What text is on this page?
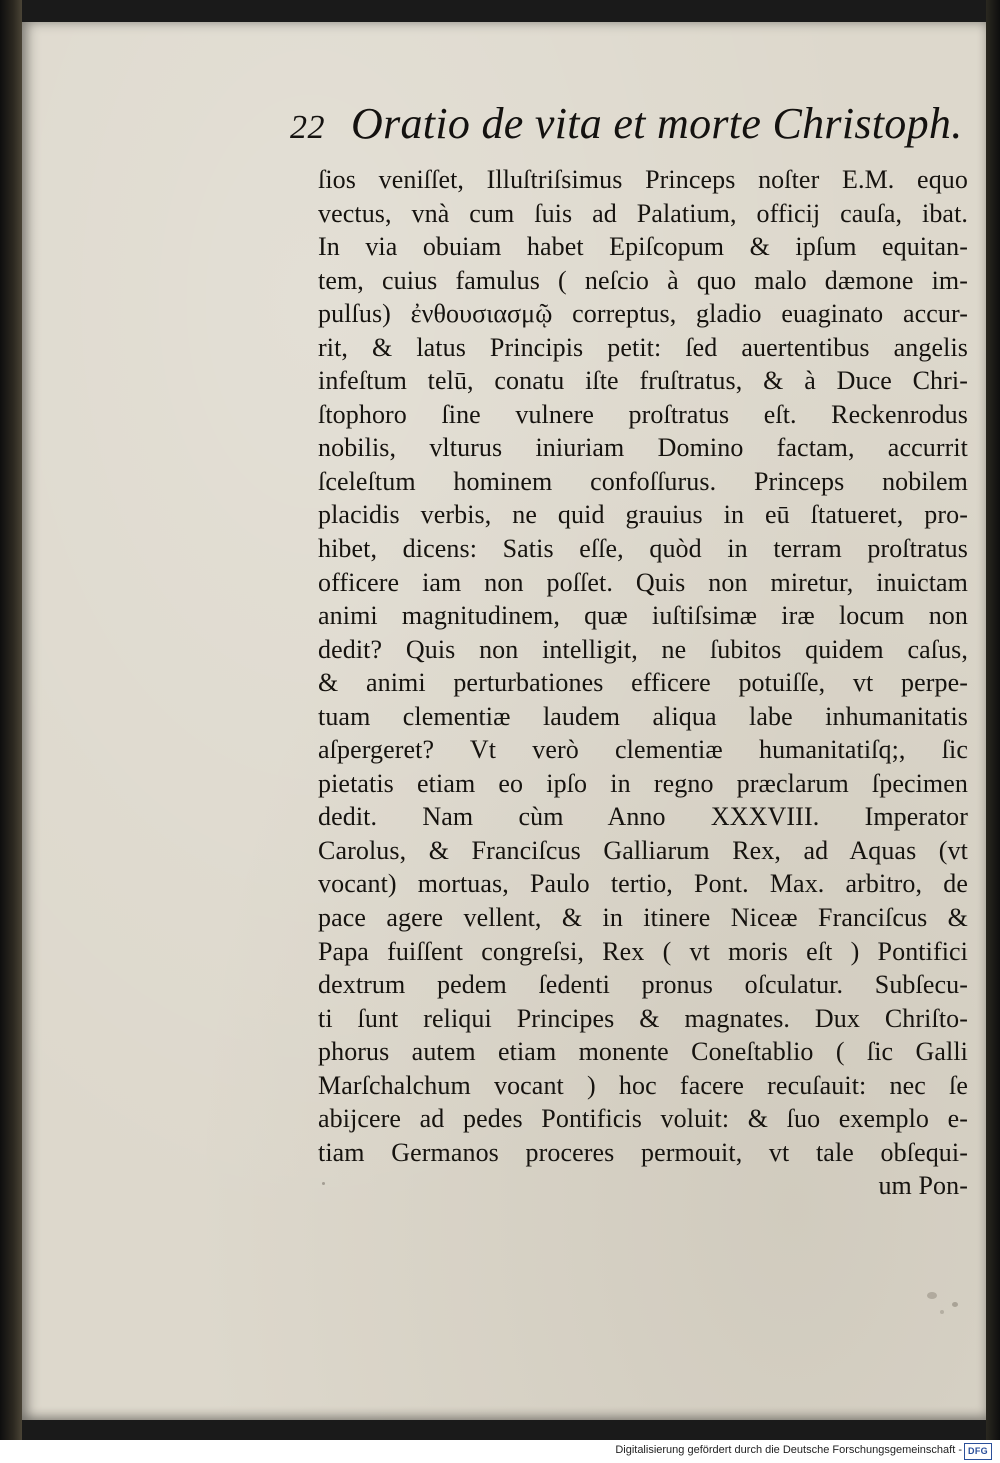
22 Oratio de vita et morte Christoph.
ſios veniſſet, Illuſtriſsimus Princeps noſter E.M. equo
vectus, vnà cum ſuis ad Palatium, officij cauſa, ibat.
In via obuiam habet Epiſcopum & ipſum equitan-
tem, cuius famulus ( neſcio à quo malo dæmone im-
pulſus) ἐνθουσιασμῷ correptus, gladio euaginato accur-
rit, & latus Principis petit: ſed auertentibus angelis
infeſtum telū, conatu iſte fruſtratus, & à Duce Chri-
ſtophoro ſine vulnere proſtratus eſt. Reckenrodus
nobilis, vlturus iniuriam Domino factam, accurrit
ſceleſtum hominem confoſſurus. Princeps nobilem
placidis verbis, ne quid grauius in eū ſtatueret, pro-
hibet, dicens: Satis eſſe, quòd in terram proſtratus
officere iam non poſſet. Quis non miretur, inuictam
animi magnitudinem, quæ iuſtiſsimæ iræ locum non
dedit? Quis non intelligit, ne ſubitos quidem caſus,
& animi perturbationes efficere potuiſſe, vt perpe-
tuam clementiæ laudem aliqua labe inhumanitatis
aſpergeret? Vt verò clementiæ humanitatiſq;, ſic
pietatis etiam eo ipſo in regno præclarum ſpecimen
dedit. Nam cùm Anno XXXVIII. Imperator
Carolus, & Franciſcus Galliarum Rex, ad Aquas (vt
vocant) mortuas, Paulo tertio, Pont. Max. arbitro, de
pace agere vellent, & in itinere Niceæ Franciſcus &
Papa fuiſſent congreſsi, Rex ( vt moris eſt ) Pontifici
dextrum pedem ſedenti pronus oſculatur. Subſecu-
ti ſunt reliqui Principes & magnates. Dux Chriſto-
phorus autem etiam monente Coneſtablio ( ſic Galli
Marſchalchum vocant ) hoc facere recuſauit: nec ſe
abijcere ad pedes Pontificis voluit: & ſuo exemplo e-
tiam Germanos proceres permouit, vt tale obſequi-
um Pon-
Digitalisierung gefördert durch die Deutsche Forschungsgemeinschaft - DFG
